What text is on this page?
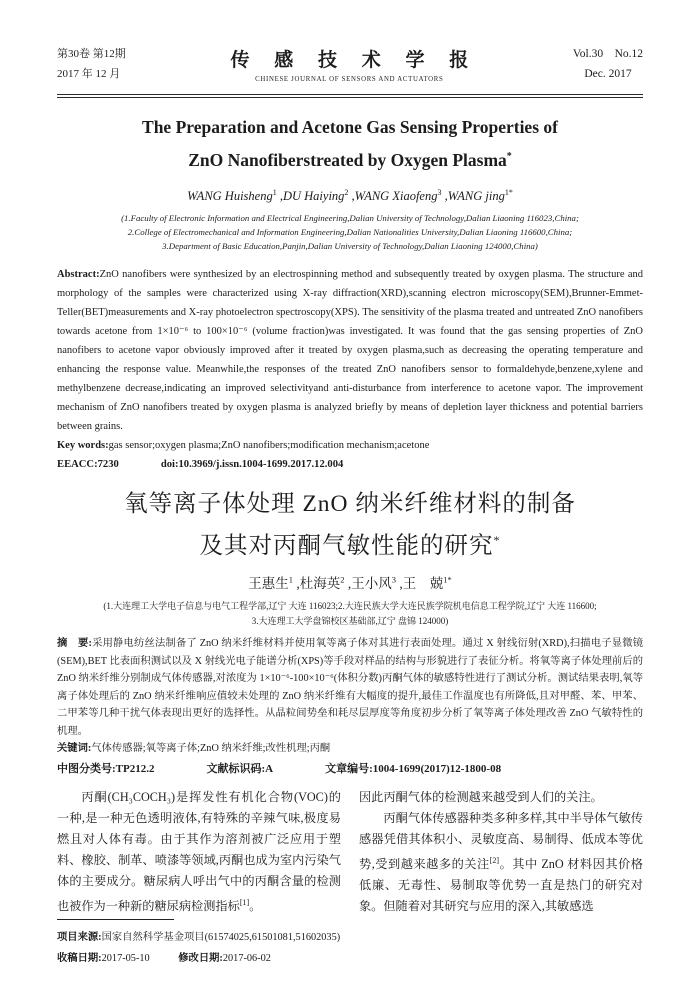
第30卷 第12期
2017 年 12 月
传 感 技 术 学 报
CHINESE JOURNAL OF SENSORS AND ACTUATORS
Vol.30　No.12
Dec. 2017
The Preparation and Acetone Gas Sensing Properties of
ZnO Nanofiberstreated by Oxygen Plasma*
WANG Huisheng$^1$ ,DU Haiying$^2$ ,WANG Xiaofeng$^3$ ,WANG jing$^{1*}$
(1.Faculty of Electronic Information and Electrical Engineering,Dalian University of Technology,Dalian Liaoning 116023,China;
2.College of Electromechanical and Information Engineering,Dalian Nationalities University,Dalian Liaoning 116600,China;
3.Department of Basic Education,Panjin,Dalian University of Technology,Dalian Liaoning 124000,China)
Abstract:ZnO nanofibers were synthesized by an electrospinning method and subsequently treated by oxygen plasma. The structure and morphology of the samples were characterized using X-ray diffraction(XRD),scanning electron microscopy(SEM),Brunner-Emmet-Teller(BET)measurements and X-ray photoelectron spectroscopy(XPS). The sensitivity of the plasma treated and untreated ZnO nanofibers towards acetone from 1×10⁻⁶ to 100×10⁻⁶ (volume fraction)was investigated. It was found that the gas sensing properties of ZnO nanofibers to acetone vapor obviously improved after it treated by oxygen plasma,such as decreasing the operating temperature and enhancing the response value. Meanwhile,the responses of the treated ZnO nanofibers sensor to formaldehyde,benzene,xylene and methylbenzene decrease,indicating an improved selectivityand anti-disturbance from interference to acetone vapor. The improvement mechanism of ZnO nanofibers treated by oxygen plasma is analyzed briefly by means of depletion layer thickness and potential barriers between grains.
Key words:gas sensor;oxygen plasma;ZnO nanofibers;modification mechanism;acetone
EEACC:7230	doi:10.3969/j.issn.1004-1699.2017.12.004
氧等离子体处理 ZnO 纳米纤维材料的制备
及其对丙酮气敏性能的研究*
王惠生$^1$ ,杜海英$^2$ ,王小风$^3$ ,王　兢$^{1*}$
(1.大连理工大学电子信息与电气工程学部,辽宁 大连 116023;2.大连民族大学大连民族学院机电信息工程学院,辽宁 大连 116600;
3.大连理工大学盘锦校区基础部,辽宁 盘锦 124000)
摘　要:采用静电纺丝法制备了 ZnO 纳米纤维材料并使用氧等离子体对其进行表面处理。通过 X 射线衍射(XRD),扫描电子显微镜(SEM),BET 比表面积测试以及 X 射线光电子能谱分析(XPS)等手段对样品的结构与形貌进行了表征分析。将氧等离子体处理前后的 ZnO 纳米纤维分别制成气体传感器,对浓度为 1×10⁻⁶-100×10⁻⁶(体积分数)丙酮气体的敏感特性进行了测试分析。测试结果表明,氧等离子体处理后的 ZnO 纳米纤维响应值较未处理的 ZnO 纳米纤维有大幅度的提升,最佳工作温度也有所降低,且对甲醛、苯、甲苯、二甲苯等几种干扰气体表现出更好的选择性。从晶粒间势垒和耗尽层厚度等角度初步分析了氧等离子体处理改善 ZnO 气敏特性的机理。
关键词:气体传感器;氧等离子体;ZnO 纳米纤维;改性机理;丙酮
中图分类号:TP212.2	文献标识码:A	文章编号:1004-1699(2017)12-1800-08

丙酮(CH₃COCH₃)是挥发性有机化合物(VOC)的一种,是一种无色透明液体,有特殊的辛辣气味,极度易燃且对人体有毒。由于其作为溶剂被广泛应用于塑料、橡胶、制革、喷漆等领域,丙酮也成为室内污染气体的主要成分。糖尿病人呼出气中的丙酮含量的检测也被作为一种新的糖尿病检测指标[1]。

因此丙酮气体的检测越来越受到人们的关注。

丙酮气体传感器种类多种多样,其中半导体气敏传感器凭借其体积小、灵敏度高、易制得、低成本等优势,受到越来越多的关注[2]。其中 ZnO 材料因其价格低廉、无毒性、易制取等优势一直是热门的研究对象。但随着对其研究与应用的深入,其敏感选

项目来源:国家自然科学基金项目(61574025,61501081,51602035)
收稿日期:2017-05-10	修改日期:2017-06-02
